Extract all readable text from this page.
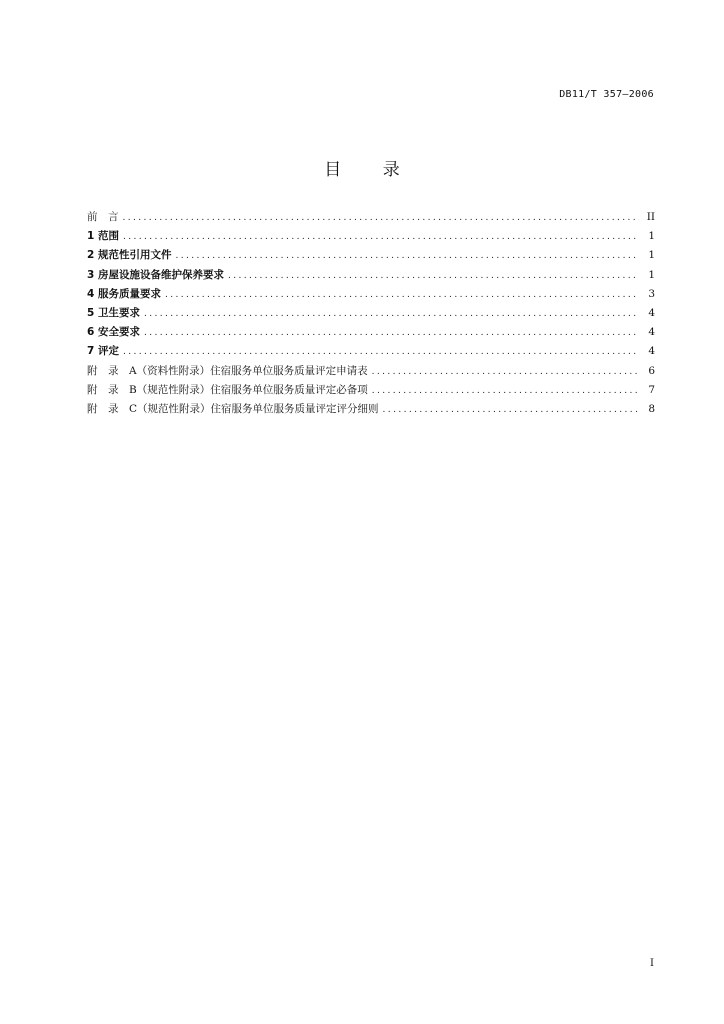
DB11/T 357—2006
目 录
前　言 .....	II
1 范围 .....	1
2 规范性引用文件 .....	1
3 房屋设施设备维护保养要求 .....	1
4 服务质量要求 .....	3
5 卫生要求 .....	4
6 安全要求 .....	4
7 评定 .....	4
附　录　A（资料性附录）住宿服务单位服务质量评定申请表 .....	6
附　录　B（规范性附录）住宿服务单位服务质量评定必备项 .....	7
附　录　C（规范性附录）住宿服务单位服务质量评定评分细则 .....	8
I
